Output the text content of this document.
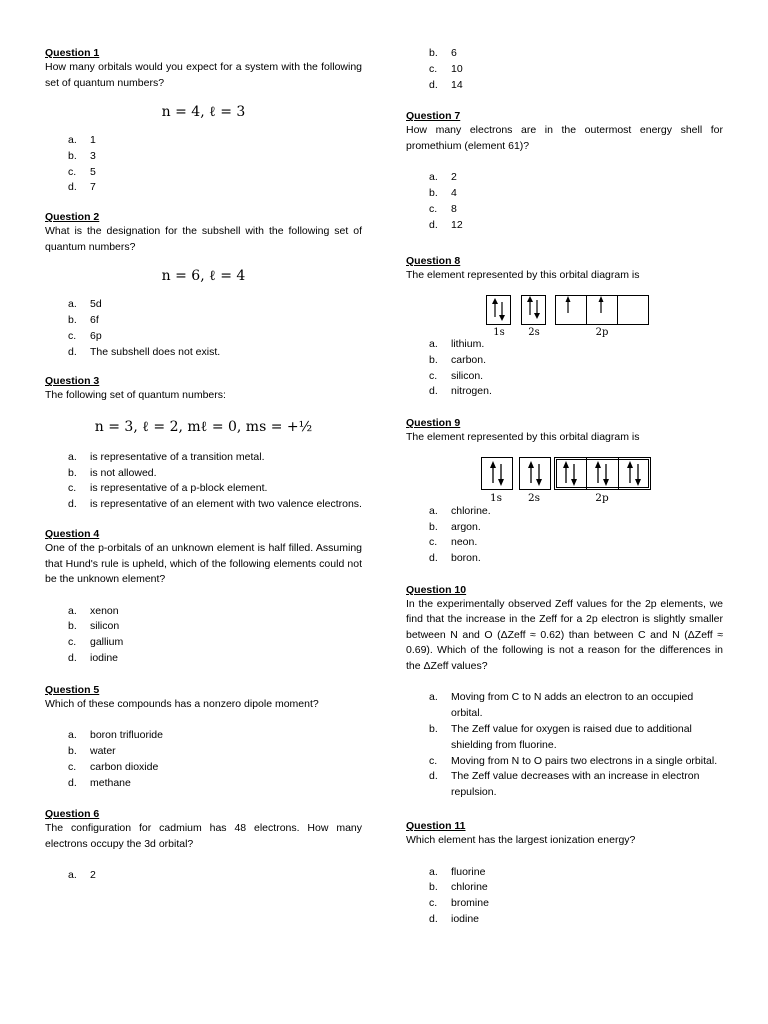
Question 1
How many orbitals would you expect for a system with the following set of quantum numbers?
n = 4, ℓ = 3
a. 1
b. 3
c. 5
d. 7
Question 2
What is the designation for the subshell with the following set of quantum numbers?
n = 6, ℓ = 4
a. 5d
b. 6f
c. 6p
d. The subshell does not exist.
Question 3
The following set of quantum numbers:
n = 3, ℓ = 2, mℓ = 0, ms = +½
a. is representative of a transition metal.
b. is not allowed.
c. is representative of a p-block element.
d. is representative of an element with two valence electrons.
Question 4
One of the p-orbitals of an unknown element is half filled. Assuming that Hund's rule is upheld, which of the following elements could not be the unknown element?
a. xenon
b. silicon
c. gallium
d. iodine
Question 5
Which of these compounds has a nonzero dipole moment?
a. boron trifluoride
b. water
c. carbon dioxide
d. methane
Question 6
The configuration for cadmium has 48 electrons. How many electrons occupy the 3d orbital?
a. 2
b. 6
c. 10
d. 14
Question 7
How many electrons are in the outermost energy shell for promethium (element 61)?
a. 2
b. 4
c. 8
d. 12
Question 8
The element represented by this orbital diagram is
1s 2s	2p
a. lithium.
b. carbon.
c. silicon.
d. nitrogen.
Question 9
The element represented by this orbital diagram is
1s 2s	2p
a. chlorine.
b. argon.
c. neon.
d. boron.
Question 10
In the experimentally observed Zeff values for the 2p elements, we find that the increase in the Zeff for a 2p electron is slightly smaller between N and O (ΔZeff ≈ 0.62) than between C and N (ΔZeff ≈ 0.69). Which of the following is not a reason for the differences in the ΔZeff values?
a. Moving from C to N adds an electron to an occupied orbital.
b. The Zeff value for oxygen is raised due to additional shielding from fluorine.
c. Moving from N to O pairs two electrons in a single orbital.
d. The Zeff value decreases with an increase in electron repulsion.
Question 11
Which element has the largest ionization energy?
a. fluorine
b. chlorine
c. bromine
d. iodine
